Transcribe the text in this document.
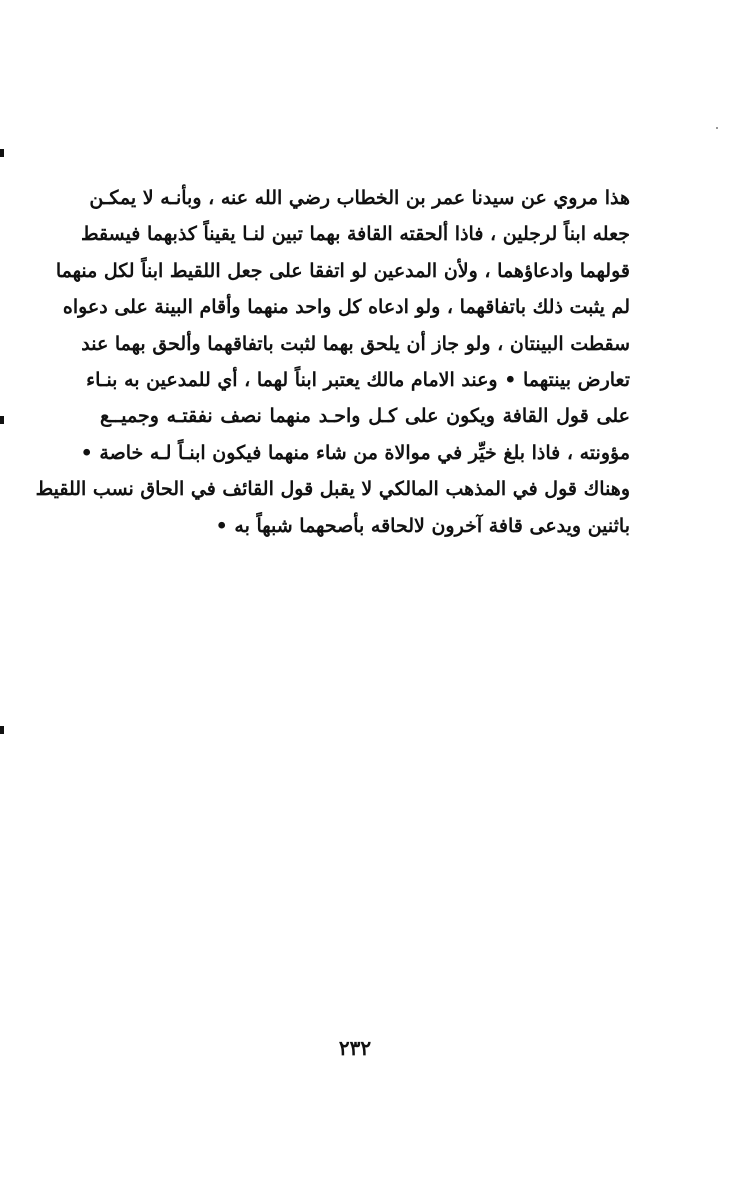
هذا مروي عن سيدنا عمر بن الخطاب رضي الله عنه ، وبأنـه لا يمكـن
جعله ابناً لرجلين ، فاذا ألحقته القافة بهما تبين لنـا يقيناً كذبهما فيسقط
قولهما وادعاؤهما ، ولأن المدعين لو اتفقا على جعل اللقيط ابناً لكل منهما
لم يثبت ذلك باتفاقهما ، ولو ادعاه كل واحد منهما وأقام البينة على دعواه
سقطت البينتان ، ولو جاز أن يلحق بهما لثبت باتفاقهما وألحق بهما عند
تعارض بينتهما • وعند الامام مالك يعتبر ابناً لهما ، أي للمدعين به بنـاء
على قول القافة ويكون على كـل واحـد منهما نصف نفقتـه وجميــع
مؤونته ، فاذا بلغ خيِّر في موالاة من شاء منهما فيكون ابنـاً لـه خاصة •
وهناك قول في المذهب المالكي لا يقبل قول القائف في الحاق نسب اللقيط
باثنين ويدعى قافة آخرون لالحاقه بأصحهما شبهاً به •
٢٣٢
